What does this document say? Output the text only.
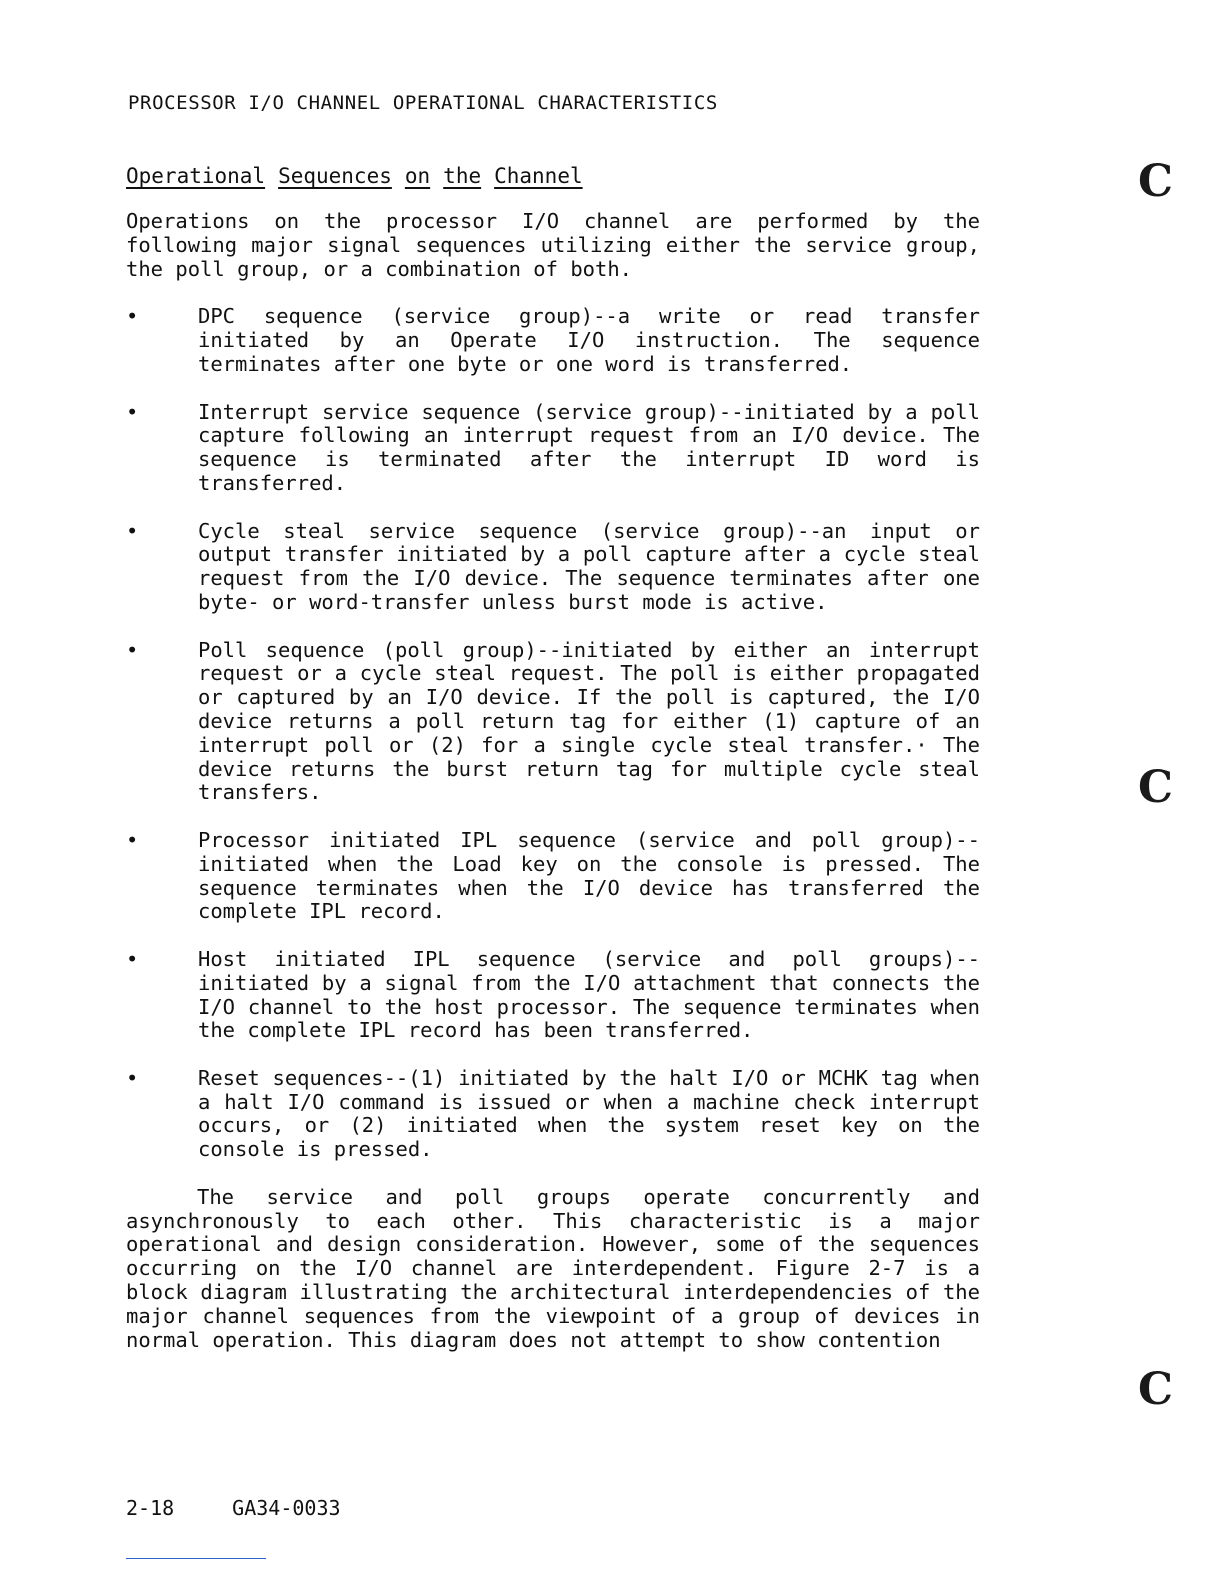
PROCESSOR I/O CHANNEL OPERATIONAL CHARACTERISTICS
Operational Sequences on the Channel

Operations on the processor I/O channel are performed by the following major signal sequences utilizing either the service group, the poll group, or a combination of both.

•	DPC sequence (service group)--a write or read transfer initiated by an Operate I/O instruction. The sequence terminates after one byte or one word is transferred.
•	Interrupt service sequence (service group)--initiated by a poll capture following an interrupt request from an I/O device. The sequence is terminated after the interrupt ID word is transferred.
•	Cycle steal service sequence (service group)--an input or output transfer initiated by a poll capture after a cycle steal request from the I/O device. The sequence terminates after one byte- or word-transfer unless burst mode is active.
•	Poll sequence (poll group)--initiated by either an interrupt request or a cycle steal request. The poll is either propagated or captured by an I/O device. If the poll is captured, the I/O device returns a poll return tag for either (1) capture of an interrupt poll or (2) for a single cycle steal transfer.· The device returns the burst return tag for multiple cycle steal transfers.
•	Processor initiated IPL sequence (service and poll group)--initiated when the Load key on the console is pressed. The sequence terminates when the I/O device has transferred the complete IPL record.
•	Host initiated IPL sequence (service and poll groups)--initiated by a signal from the I/O attachment that connects the I/O channel to the host processor. The sequence terminates when the complete IPL record has been transferred.
•	Reset sequences--(1) initiated by the halt I/O or MCHK tag when a halt I/O command is issued or when a machine check interrupt occurs, or (2) initiated when the system reset key on the console is pressed.

The service and poll groups operate concurrently and asynchronously to each other. This characteristic is a major operational and design consideration. However, some of the sequences occurring on the I/O channel are interdependent. Figure 2-7 is a block diagram illustrating the architectural interdependencies of the major channel sequences from the viewpoint of a group of devices in normal operation. This diagram does not attempt to show contention

2-18	GA34-0033
C
C
C
